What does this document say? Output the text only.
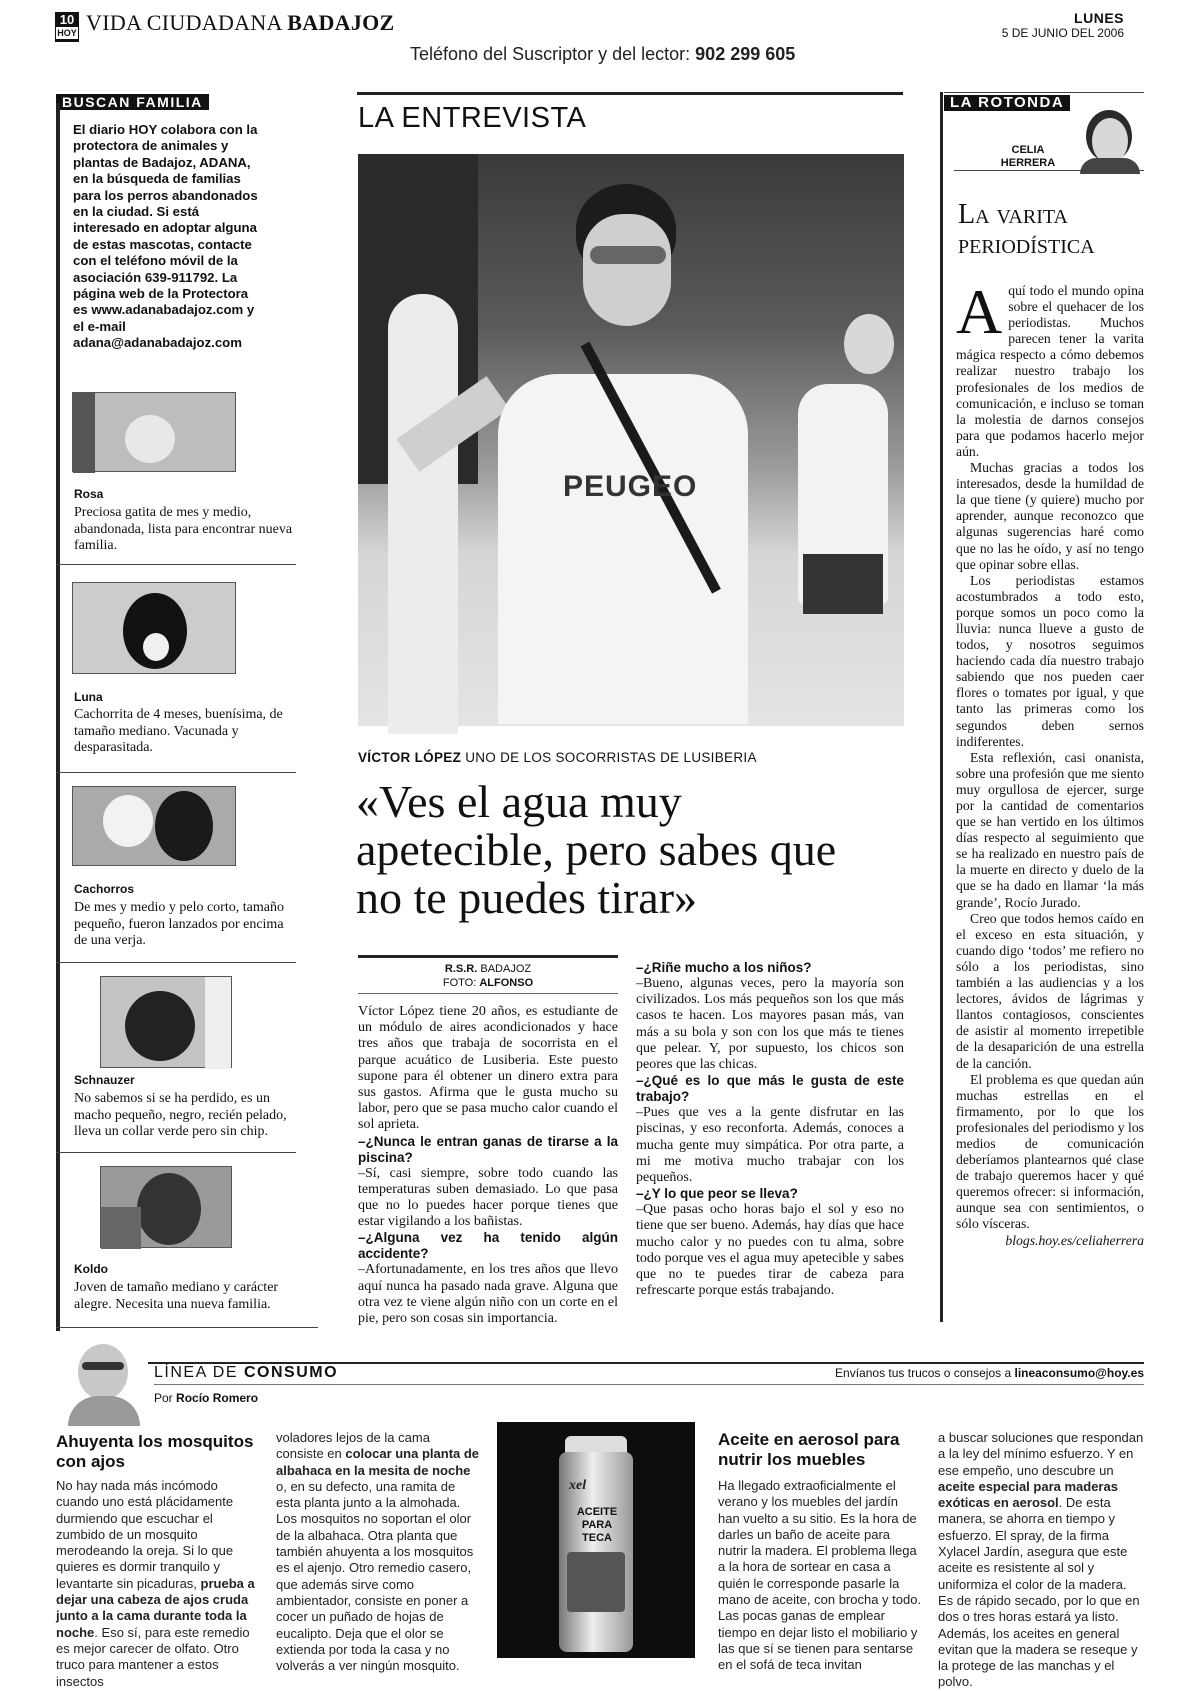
10
HOY VIDA CIUDADANA BADAJOZ
Teléfono del Suscriptor y del lector: 902 299 605
LUNES
5 DE JUNIO DEL 2006
BUSCAN FAMILIA
El diario HOY colabora con la protectora de animales y plantas de Badajoz, ADANA, en la búsqueda de familias para los perros abandonados en la ciudad. Si está interesado en adoptar alguna de estas mascotas, contacte con el teléfono móvil de la asociación 639-911792. La página web de la Protectora es www.adanabadajoz.com y el e-mail adana@adanabadajoz.com
Rosa
Preciosa gatita de mes y medio, abandonada, lista para encontrar nueva familia.
Luna
Cachorrita de 4 meses, buenísima, de tamaño mediano. Vacunada y desparasitada.
Cachorros
De mes y medio y pelo corto, tamaño pequeño, fueron lanzados por encima de una verja.
Schnauzer
No sabemos si se ha perdido, es un macho pequeño, negro, recién pelado, lleva un collar verde pero sin chip.
Koldo
Joven de tamaño mediano y carácter alegre. Necesita una nueva familia.
LA ENTREVISTA
PEUGEO
VÍCTOR LÓPEZ UNO DE LOS SOCORRISTAS DE LUSIBERIA
«Ves el agua muy apetecible, pero sabes que no te puedes tirar»
R.S.R. BADAJOZ
FOTO: ALFONSO

Víctor López tiene 20 años, es estudiante de un módulo de aires acondicionados y hace tres años que trabaja de socorrista en el parque acuático de Lusiberia. Este puesto supone para él obtener un dinero extra para sus gastos. Afirma que le gusta mucho su labor, pero que se pasa mucho calor cuando el sol aprieta.

–¿Nunca le entran ganas de tirarse a la piscina?

–Sí, casi siempre, sobre todo cuando las temperaturas suben demasiado. Lo que pasa que no lo puedes hacer porque tienes que estar vigilando a los bañistas.

–¿Alguna vez ha tenido algún accidente?

–Afortunadamente, en los tres años que llevo aquí nunca ha pasado nada grave. Alguna que otra vez te viene algún niño con un corte en el pie, pero son cosas sin importancia.

–¿Riñe mucho a los niños?

–Bueno, algunas veces, pero la mayoría son civilizados. Los más pequeños son los que más casos te hacen. Los mayores pasan más, van más a su bola y son con los que más te tienes que pelear. Y, por supuesto, los chicos son peores que las chicas.

–¿Qué es lo que más le gusta de este trabajo?

–Pues que ves a la gente disfrutar en las piscinas, y eso reconforta. Además, conoces a mucha gente muy simpática. Por otra parte, a mi me motiva mucho trabajar con los pequeños.

–¿Y lo que peor se lleva?

–Que pasas ocho horas bajo el sol y eso no tiene que ser bueno. Además, hay días que hace mucho calor y no puedes con tu alma, sobre todo porque ves el agua muy apetecible y sabes que no te puedes tirar de cabeza para refrescarte porque estás trabajando.

LA ROTONDA
CELIA
HERRERA
La varita
periodística
A quí todo el mundo opina sobre el quehacer de los periodistas. Muchos parecen tener la varita mágica respecto a cómo debemos realizar nuestro trabajo los profesionales de los medios de comunicación, e incluso se toman la molestia de darnos consejos para que podamos hacerlo mejor aún.

Muchas gracias a todos los interesados, desde la humildad de la que tiene (y quiere) mucho por aprender, aunque reconozco que algunas sugerencias haré como que no las he oído, y así no tengo que opinar sobre ellas.

Los periodistas estamos acostumbrados a todo esto, porque somos un poco como la lluvia: nunca llueve a gusto de todos, y nosotros seguimos haciendo cada día nuestro trabajo sabiendo que nos pueden caer flores o tomates por igual, y que tanto las primeras como los segundos deben sernos indiferentes.

Esta reflexión, casi onanista, sobre una profesión que me siento muy orgullosa de ejercer, surge por la cantidad de comentarios que se han vertido en los últimos días respecto al seguimiento que se ha realizado en nuestro país de la muerte en directo y duelo de la que se ha dado en llamar ‘la más grande’, Rocío Jurado.

Creo que todos hemos caído en el exceso en esta situación, y cuando digo ‘todos’ me refiero no sólo a los periodistas, sino también a las audiencias y a los lectores, ávidos de lágrimas y llantos contagiosos, conscientes de asistir al momento irrepetible de la desaparición de una estrella de la canción.

El problema es que quedan aún muchas estrellas en el firmamento, por lo que los profesionales del periodismo y los medios de comunicación deberíamos plantearnos qué clase de trabajo queremos hacer y qué queremos ofrecer: si información, aunque sea con sentimientos, o sólo vísceras.

blogs.hoy.es/celiaherrera

LÍNEA DE CONSUMO
Por Rocío Romero
Envíanos tus trucos o consejos a lineaconsumo@hoy.es
Ahuyenta los mosquitos con ajos
No hay nada más incómodo cuando uno está plácidamente durmiendo que escuchar el zumbido de un mosquito merodeando la oreja. Si lo que quieres es dormir tranquilo y levantarte sin picaduras, prueba a dejar una cabeza de ajos cruda junto a la cama durante toda la noche. Eso sí, para este remedio es mejor carecer de olfato. Otro truco para mantener a estos insectos
voladores lejos de la cama consiste en colocar una planta de albahaca en la mesita de noche o, en su defecto, una ramita de esta planta junto a la almohada. Los mosquitos no soportan el olor de la albahaca. Otra planta que también ahuyenta a los mosquitos es el ajenjo. Otro remedio casero, que además sirve como ambientador, consiste en poner a cocer un puñado de hojas de eucalipto. Deja que el olor se extienda por toda la casa y no volverás a ver ningún mosquito.
xel
ACEITE PARA TECA
Aceite en aerosol para nutrir los muebles
Ha llegado extraoficialmente el verano y los muebles del jardín han vuelto a su sitio. Es la hora de darles un baño de aceite para nutrir la madera. El problema llega a la hora de sortear en casa a quién le corresponde pasarle la mano de aceite, con brocha y todo. Las pocas ganas de emplear tiempo en dejar listo el mobiliario y las que sí se tienen para sentarse en el sofá de teca invitan
a buscar soluciones que respondan a la ley del mínimo esfuerzo. Y en ese empeño, uno descubre un aceite especial para maderas exóticas en aerosol. De esta manera, se ahorra en tiempo y esfuerzo. El spray, de la firma Xylacel Jardín, asegura que este aceite es resistente al sol y uniformiza el color de la madera. Es de rápido secado, por lo que en dos o tres horas estará ya listo. Además, los aceites en general evitan que la madera se reseque y la protege de las manchas y el polvo.
